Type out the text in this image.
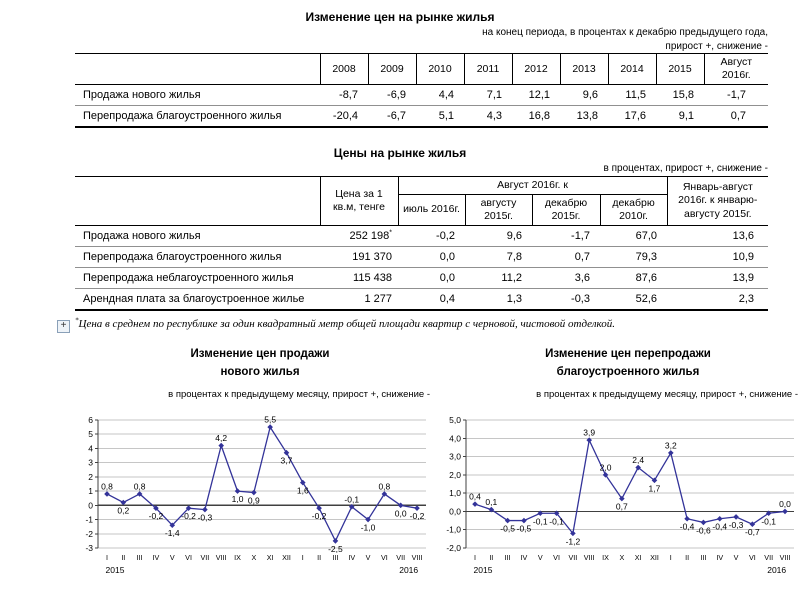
Изменение цен на рынке жилья
на конец периода, в процентах к декабрю предыдущего года,
прирост +, снижение -
	2008	2009	2010	2011	2012	2013	2014	2015	Август 2016г.
Продажа нового жилья	-8,7	-6,9	4,4	7,1	12,1	9,6	11,5	15,8	-1,7
Перепродажа благоустроенного жилья	-20,4	-6,7	5,1	4,3	16,8	13,8	17,6	9,1	0,7
Цены на рынке жилья
в процентах, прирост +, снижение -
	Цена за 1 кв.м, тенге	Август 2016г. к				Январь-август 2016г. к январю-августу 2015г.
		июль 2016г.	августу 2015г.	декабрю 2015г.	декабрю 2010г.	
Продажа нового жилья	252 198*	-0,2	9,6	-1,7	67,0	13,6
Перепродажа благоустроенного жилья	191 370	0,0	7,8	0,7	79,3	10,9
Перепродажа неблагоустроенного жилья	115 438	0,0	11,2	3,6	87,6	13,9
Арендная плата за благоустроенное жилье	1 277	0,4	1,3	-0,3	52,6	2,3
*Цена в среднем по республике за один квадратный метр общей площади квартир с черновой, чистовой отделкой.
+
Изменение цен продажи
нового жилья
в процентах к предыдущему месяцу, прирост +, снижение -
-3
-2
-1
0
1
2
3
4
5
6
0,8
0,2
0,8
-0,2
-1,4
-0,2 -0,3
4,2
1,0 0,9
5,5
3,7
1,6
-0,2
-2,5
-0,1
-1,0
0,8
0,0 -0,2
I II III IV V VI VII VIII IX X XI XII I II III IV V VI VII VIII
2015	2016
Изменение цен перепродажи
благоустроенного жилья
в процентах к предыдущему месяцу, прирост +, снижение -
-2,0
-1,0
0,0
1,0
2,0
3,0
4,0
5,0
0,4
0,1
-0,5 -0,5
-0,1 -0,1
-1,2
3,9
2,0
0,7
2,4
1,7
3,2
-0,4 -0,6 -0,4 -0,3
-0,7
-0,1
0,0
I II III IV V VI VII VIII IX X XI XII I II III IV V VI VII VIII
2015	2016
